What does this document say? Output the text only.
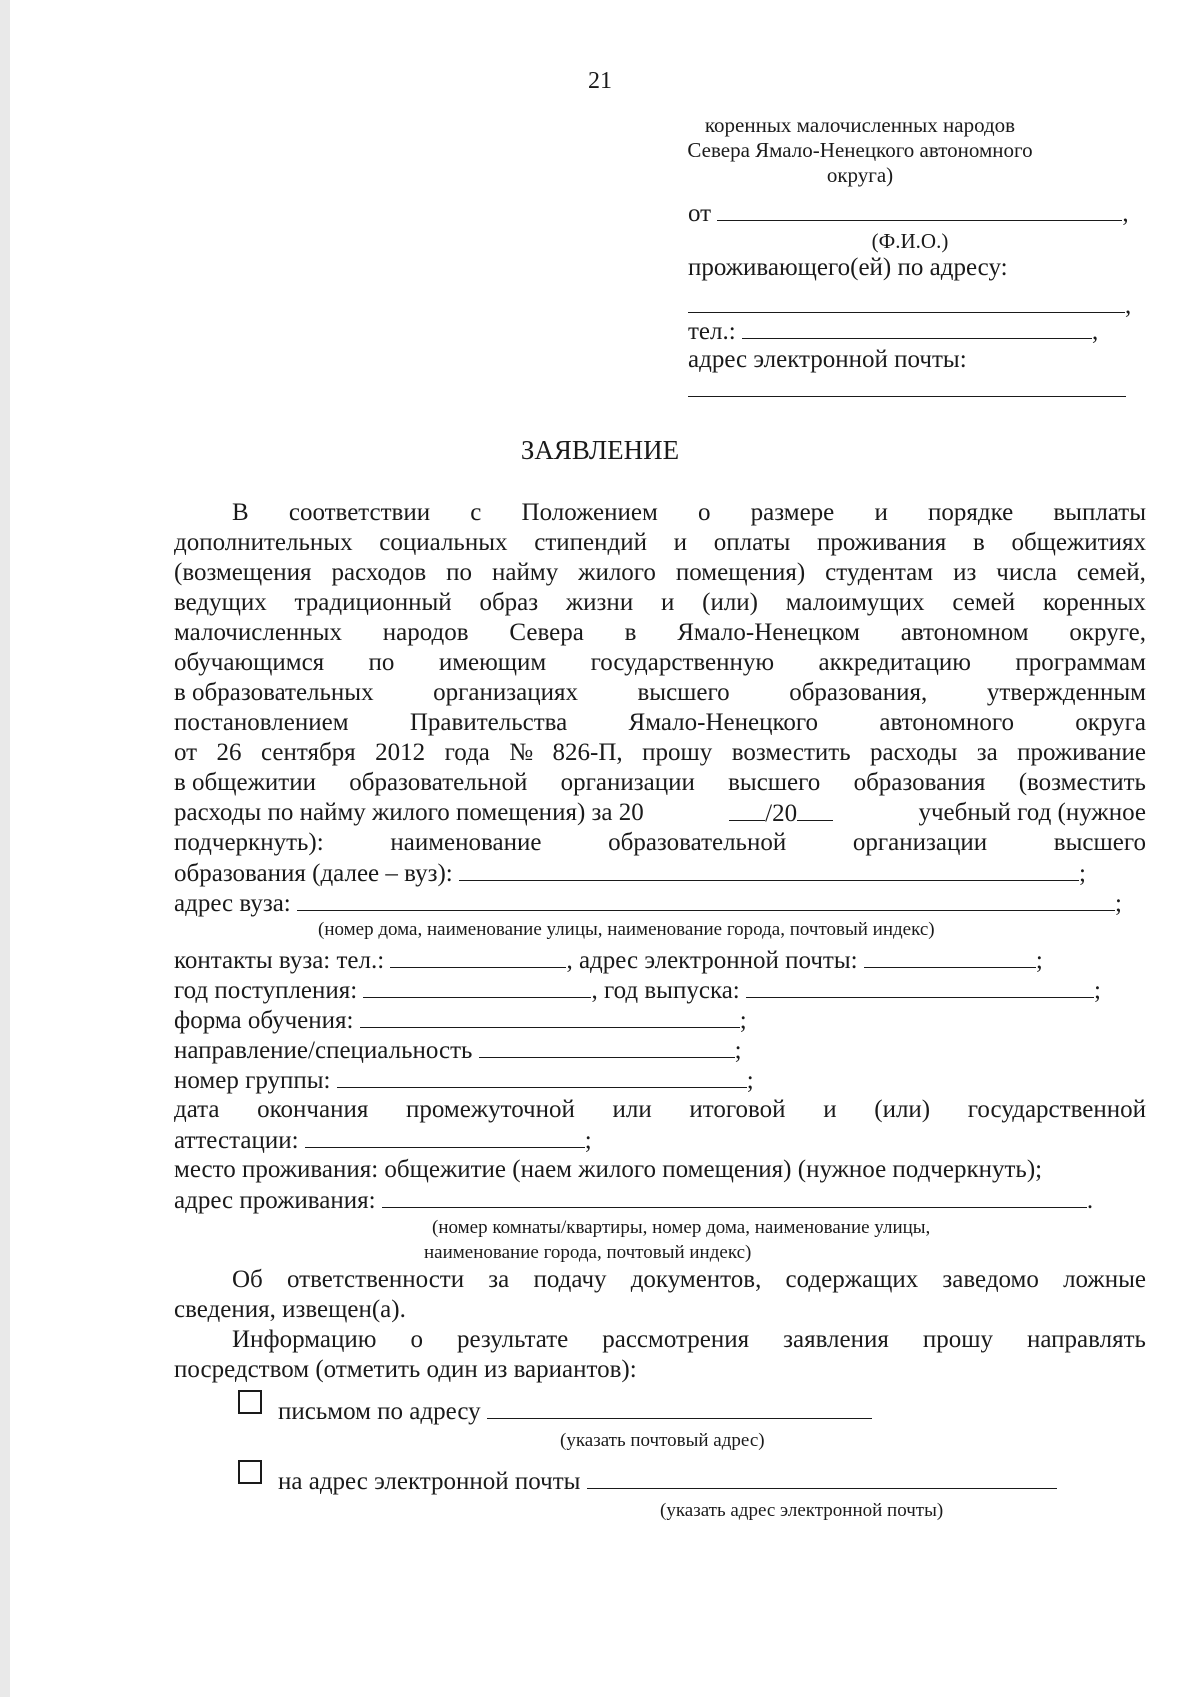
21
коренных малочисленных народов
Севера Ямало-Ненецкого автономного
округа)
от	,
(Ф.И.О.)
проживающего(ей) по адресу:
,
тел.:	,
адрес электронной почты:
ЗАЯВЛЕНИЕ
В соответствии с Положением о размере и порядке выплаты
дополнительных социальных стипендий и оплаты проживания в общежитиях
(возмещения расходов по найму жилого помещения) студентам из числа семей,
ведущих традиционный образ жизни и (или) малоимущих семей коренных
малочисленных народов Севера в Ямало-Ненецком автономном округе,
обучающимся по имеющим государственную аккредитацию программам
в образовательных организациях высшего образования, утвержденным
постановлением Правительства Ямало-Ненецкого автономного округа
от 26 сентября 2012 года № 826-П, прошу возместить расходы за проживание
в общежитии образовательной организации высшего образования (возместить
расходы по найму жилого помещения) за 20	/20	учебный год (нужное
подчеркнуть):	наименование	образовательной	организации	высшего
образования (далее – вуз):	;
адрес вуза:	;
(номер дома, наименование улицы, наименование города, почтовый индекс)
контакты вуза: тел.:	, адрес электронной почты:	;
год поступления:	, год выпуска:	;
форма обучения:	;
направление/специальность	;
номер группы:	;
дата окончания промежуточной или итоговой и (или) государственной
аттестации:	;
место проживания: общежитие (наем жилого помещения) (нужное подчеркнуть);
адрес проживания:	.
(номер комнаты/квартиры, номер дома, наименование улицы,
наименование города, почтовый индекс)
Об ответственности за подачу документов, содержащих заведомо ложные
сведения, извещен(а).
Информацию о результате рассмотрения заявления прошу направлять
посредством (отметить один из вариантов):
письмом по адресу
(указать почтовый адрес)
на адрес электронной почты
(указать адрес электронной почты)
